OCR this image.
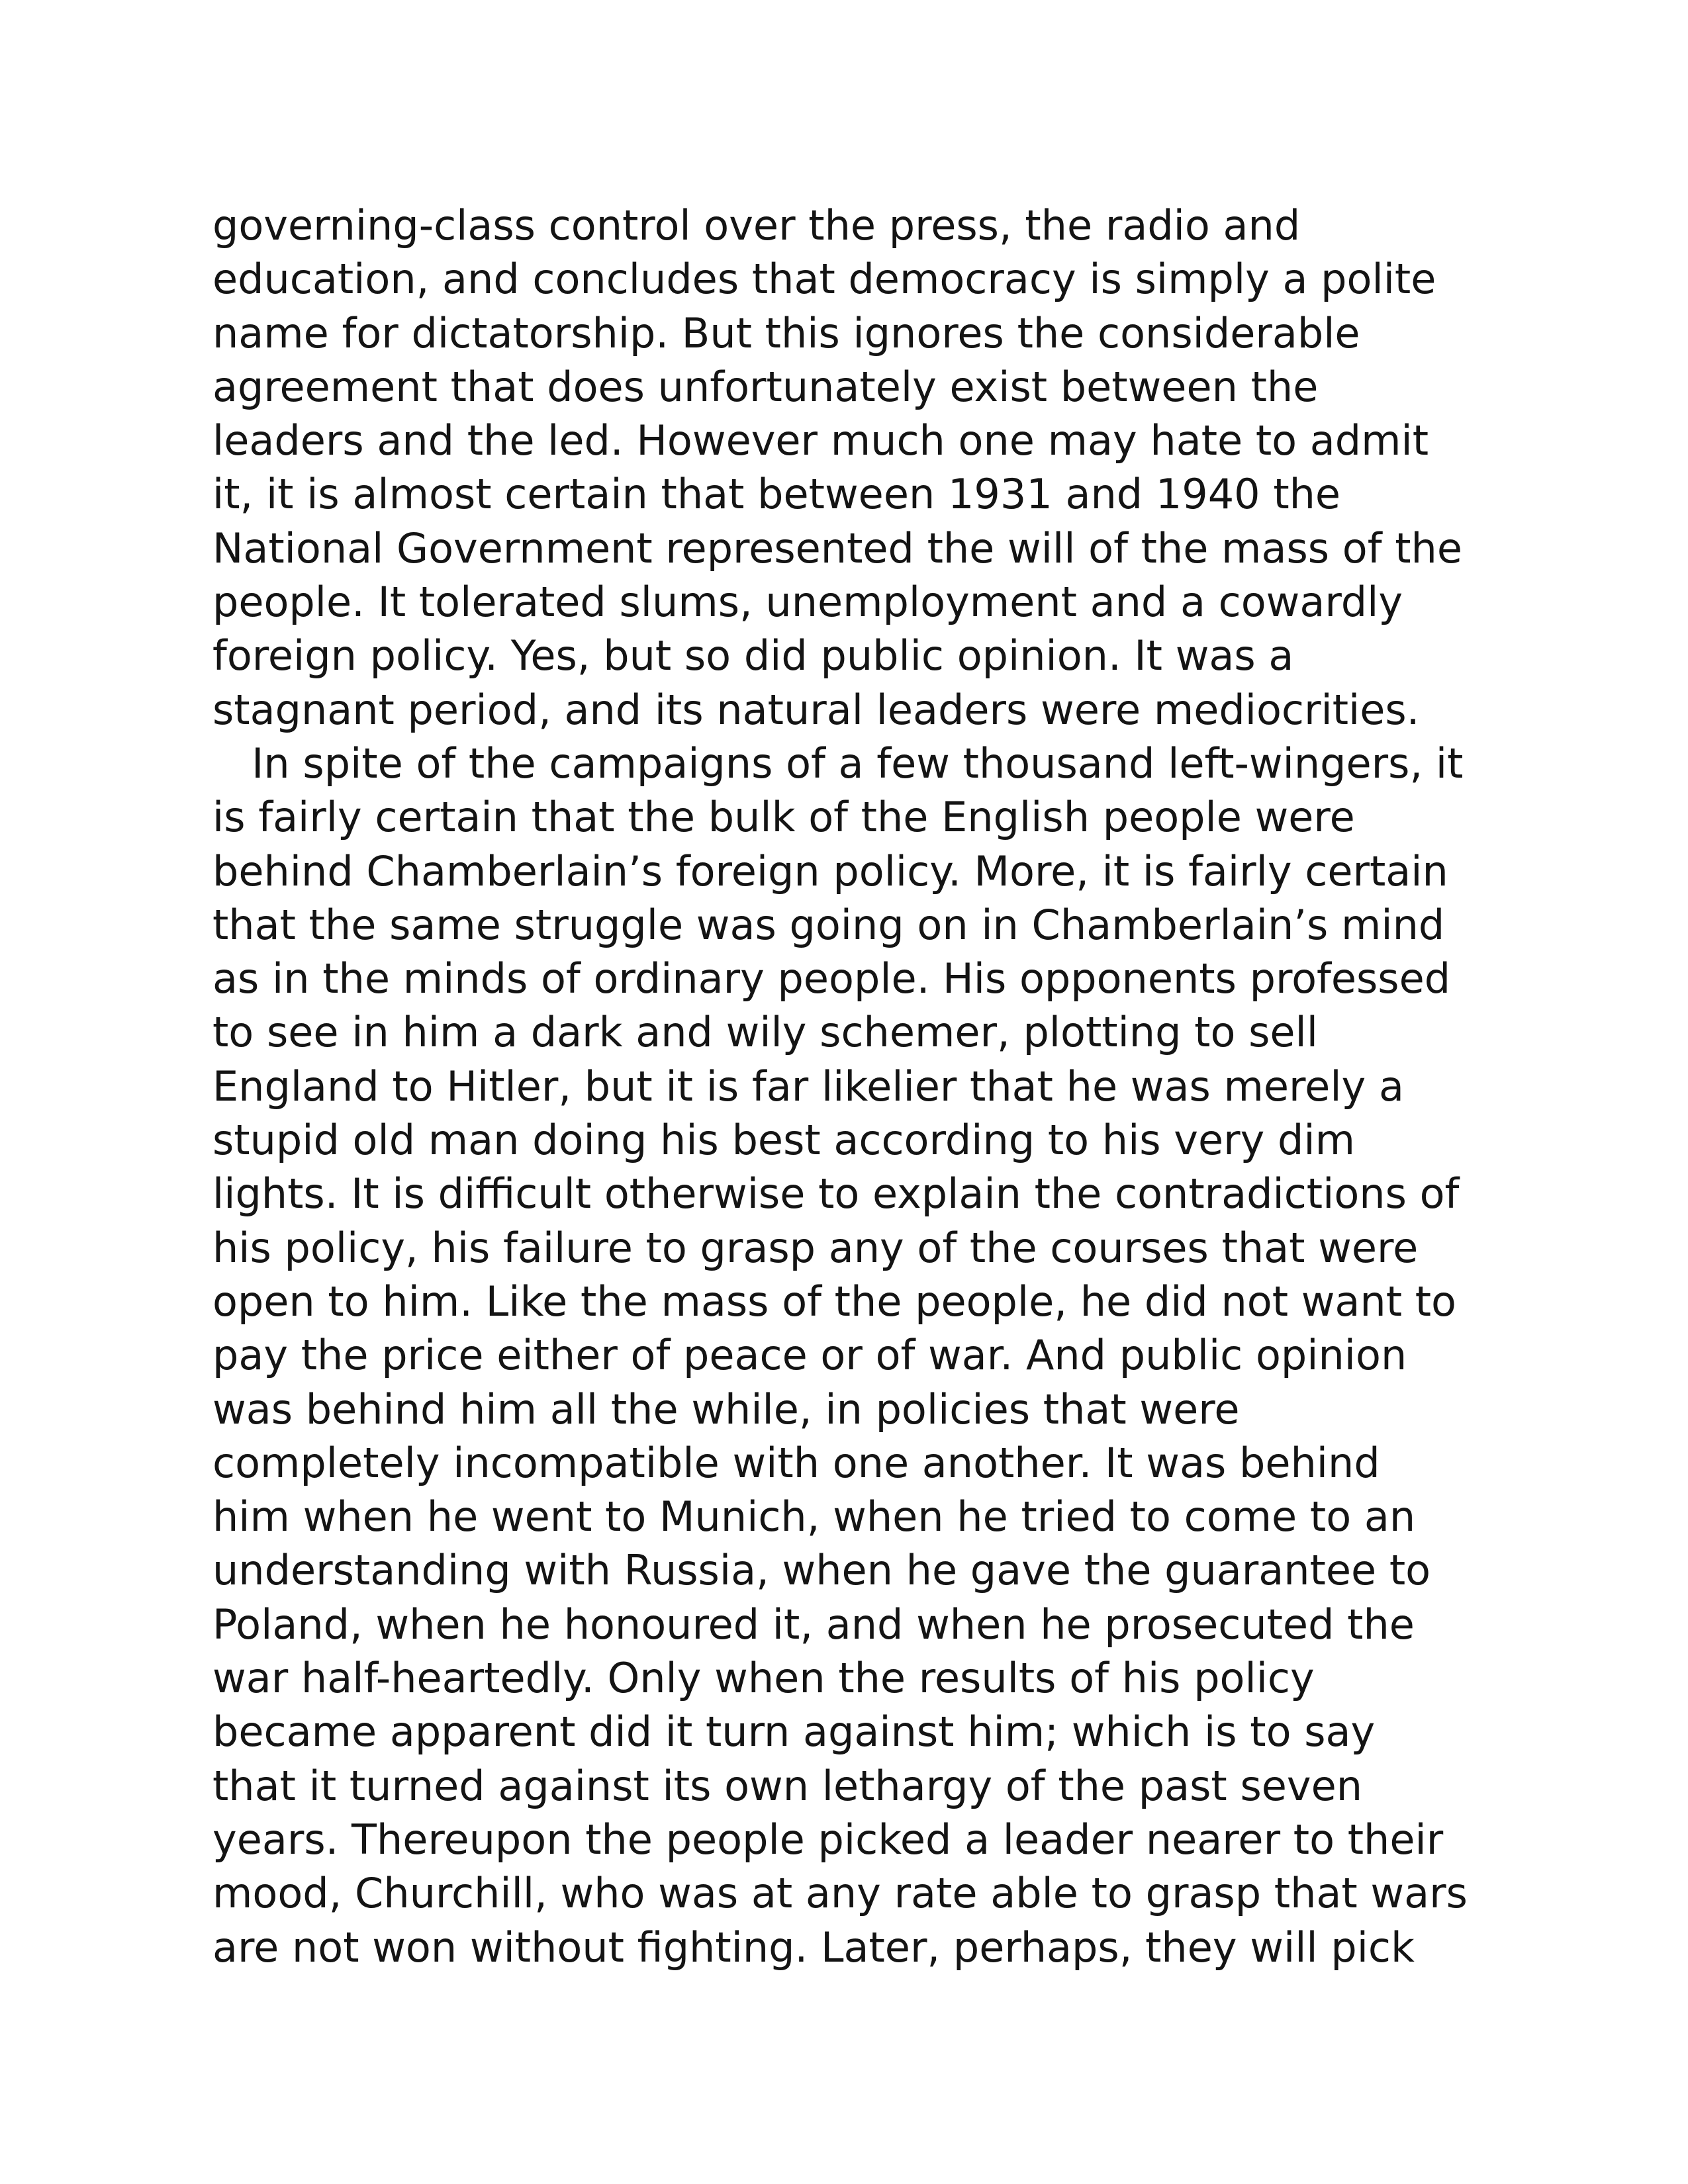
governing-class control over the press, the radio and
education, and concludes that democracy is simply a polite
name for dictatorship. But this ignores the considerable
agreement that does unfortunately exist between the
leaders and the led. However much one may hate to admit
it, it is almost certain that between 1931 and 1940 the
National Government represented the will of the mass of the
people. It tolerated slums, unemployment and a cowardly
foreign policy. Yes, but so did public opinion. It was a
stagnant period, and its natural leaders were mediocrities.
In spite of the campaigns of a few thousand left-wingers, it
is fairly certain that the bulk of the English people were
behind Chamberlain’s foreign policy. More, it is fairly certain
that the same struggle was going on in Chamberlain’s mind
as in the minds of ordinary people. His opponents professed
to see in him a dark and wily schemer, plotting to sell
England to Hitler, but it is far likelier that he was merely a
stupid old man doing his best according to his very dim
lights. It is difficult otherwise to explain the contradictions of
his policy, his failure to grasp any of the courses that were
open to him. Like the mass of the people, he did not want to
pay the price either of peace or of war. And public opinion
was behind him all the while, in policies that were
completely incompatible with one another. It was behind
him when he went to Munich, when he tried to come to an
understanding with Russia, when he gave the guarantee to
Poland, when he honoured it, and when he prosecuted the
war half-heartedly. Only when the results of his policy
became apparent did it turn against him; which is to say
that it turned against its own lethargy of the past seven
years. Thereupon the people picked a leader nearer to their
mood, Churchill, who was at any rate able to grasp that wars
are not won without fighting. Later, perhaps, they will pick
